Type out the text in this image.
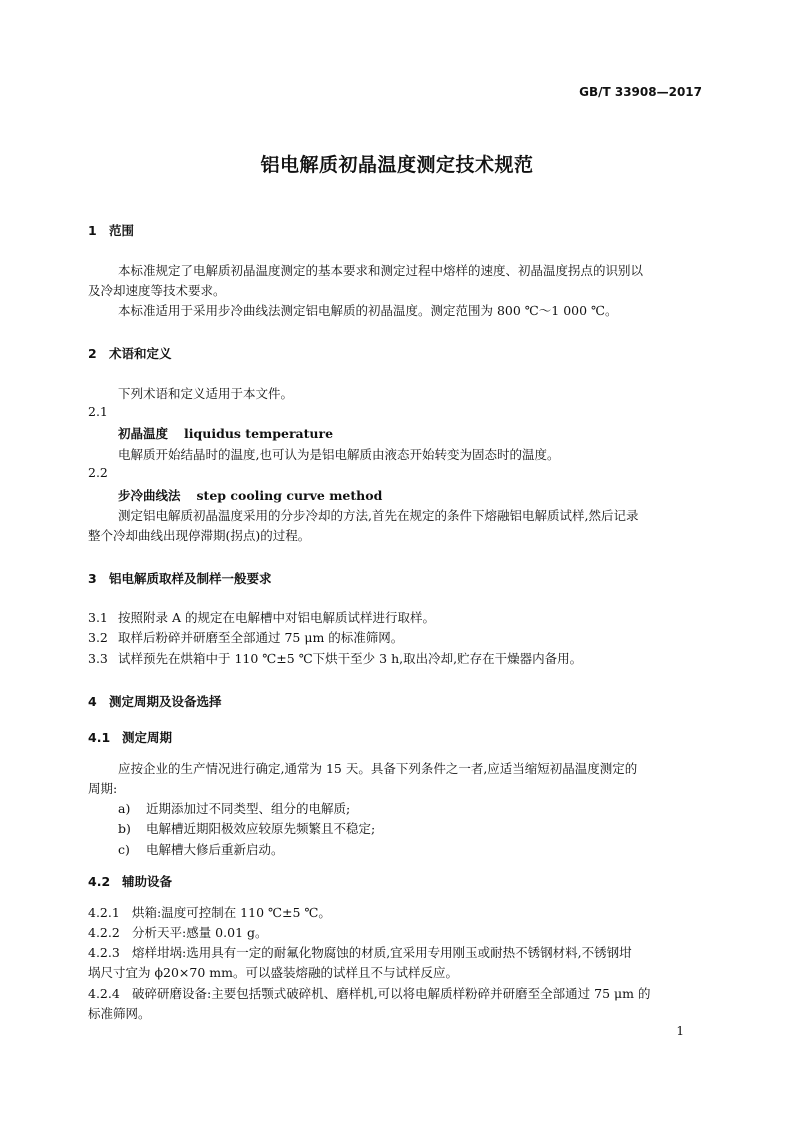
GB/T 33908—2017
铝电解质初晶温度测定技术规范
1 范围
本标准规定了电解质初晶温度测定的基本要求和测定过程中熔样的速度、初晶温度拐点的识别以
及冷却速度等技术要求。
本标准适用于采用步冷曲线法测定铝电解质的初晶温度。测定范围为 800 ℃～1 000 ℃。
2 术语和定义
下列术语和定义适用于本文件。
2.1
初晶温度 liquidus temperature
电解质开始结晶时的温度,也可认为是铝电解质由液态开始转变为固态时的温度。
2.2
步冷曲线法 step cooling curve method
测定铝电解质初晶温度采用的分步冷却的方法,首先在规定的条件下熔融铝电解质试样,然后记录
整个冷却曲线出现停滞期(拐点)的过程。
3 铝电解质取样及制样一般要求
3.1 按照附录 A 的规定在电解槽中对铝电解质试样进行取样。
3.2 取样后粉碎并研磨至全部通过 75 μm 的标准筛网。
3.3 试样预先在烘箱中于 110 ℃±5 ℃下烘干至少 3 h,取出冷却,贮存在干燥器内备用。
4 测定周期及设备选择
4.1 测定周期
应按企业的生产情况进行确定,通常为 15 天。具备下列条件之一者,应适当缩短初晶温度测定的
周期:
a) 近期添加过不同类型、组分的电解质;
b) 电解槽近期阳极效应较原先频繁且不稳定;
c) 电解槽大修后重新启动。
4.2 辅助设备
4.2.1 烘箱:温度可控制在 110 ℃±5 ℃。
4.2.2 分析天平:感量 0.01 g。
4.2.3 熔样坩埚:选用具有一定的耐氟化物腐蚀的材质,宜采用专用刚玉或耐热不锈钢材料,不锈钢坩
埚尺寸宜为 ϕ20×70 mm。可以盛装熔融的试样且不与试样反应。
4.2.4 破碎研磨设备:主要包括颚式破碎机、磨样机,可以将电解质样粉碎并研磨至全部通过 75 μm 的
标准筛网。
1
